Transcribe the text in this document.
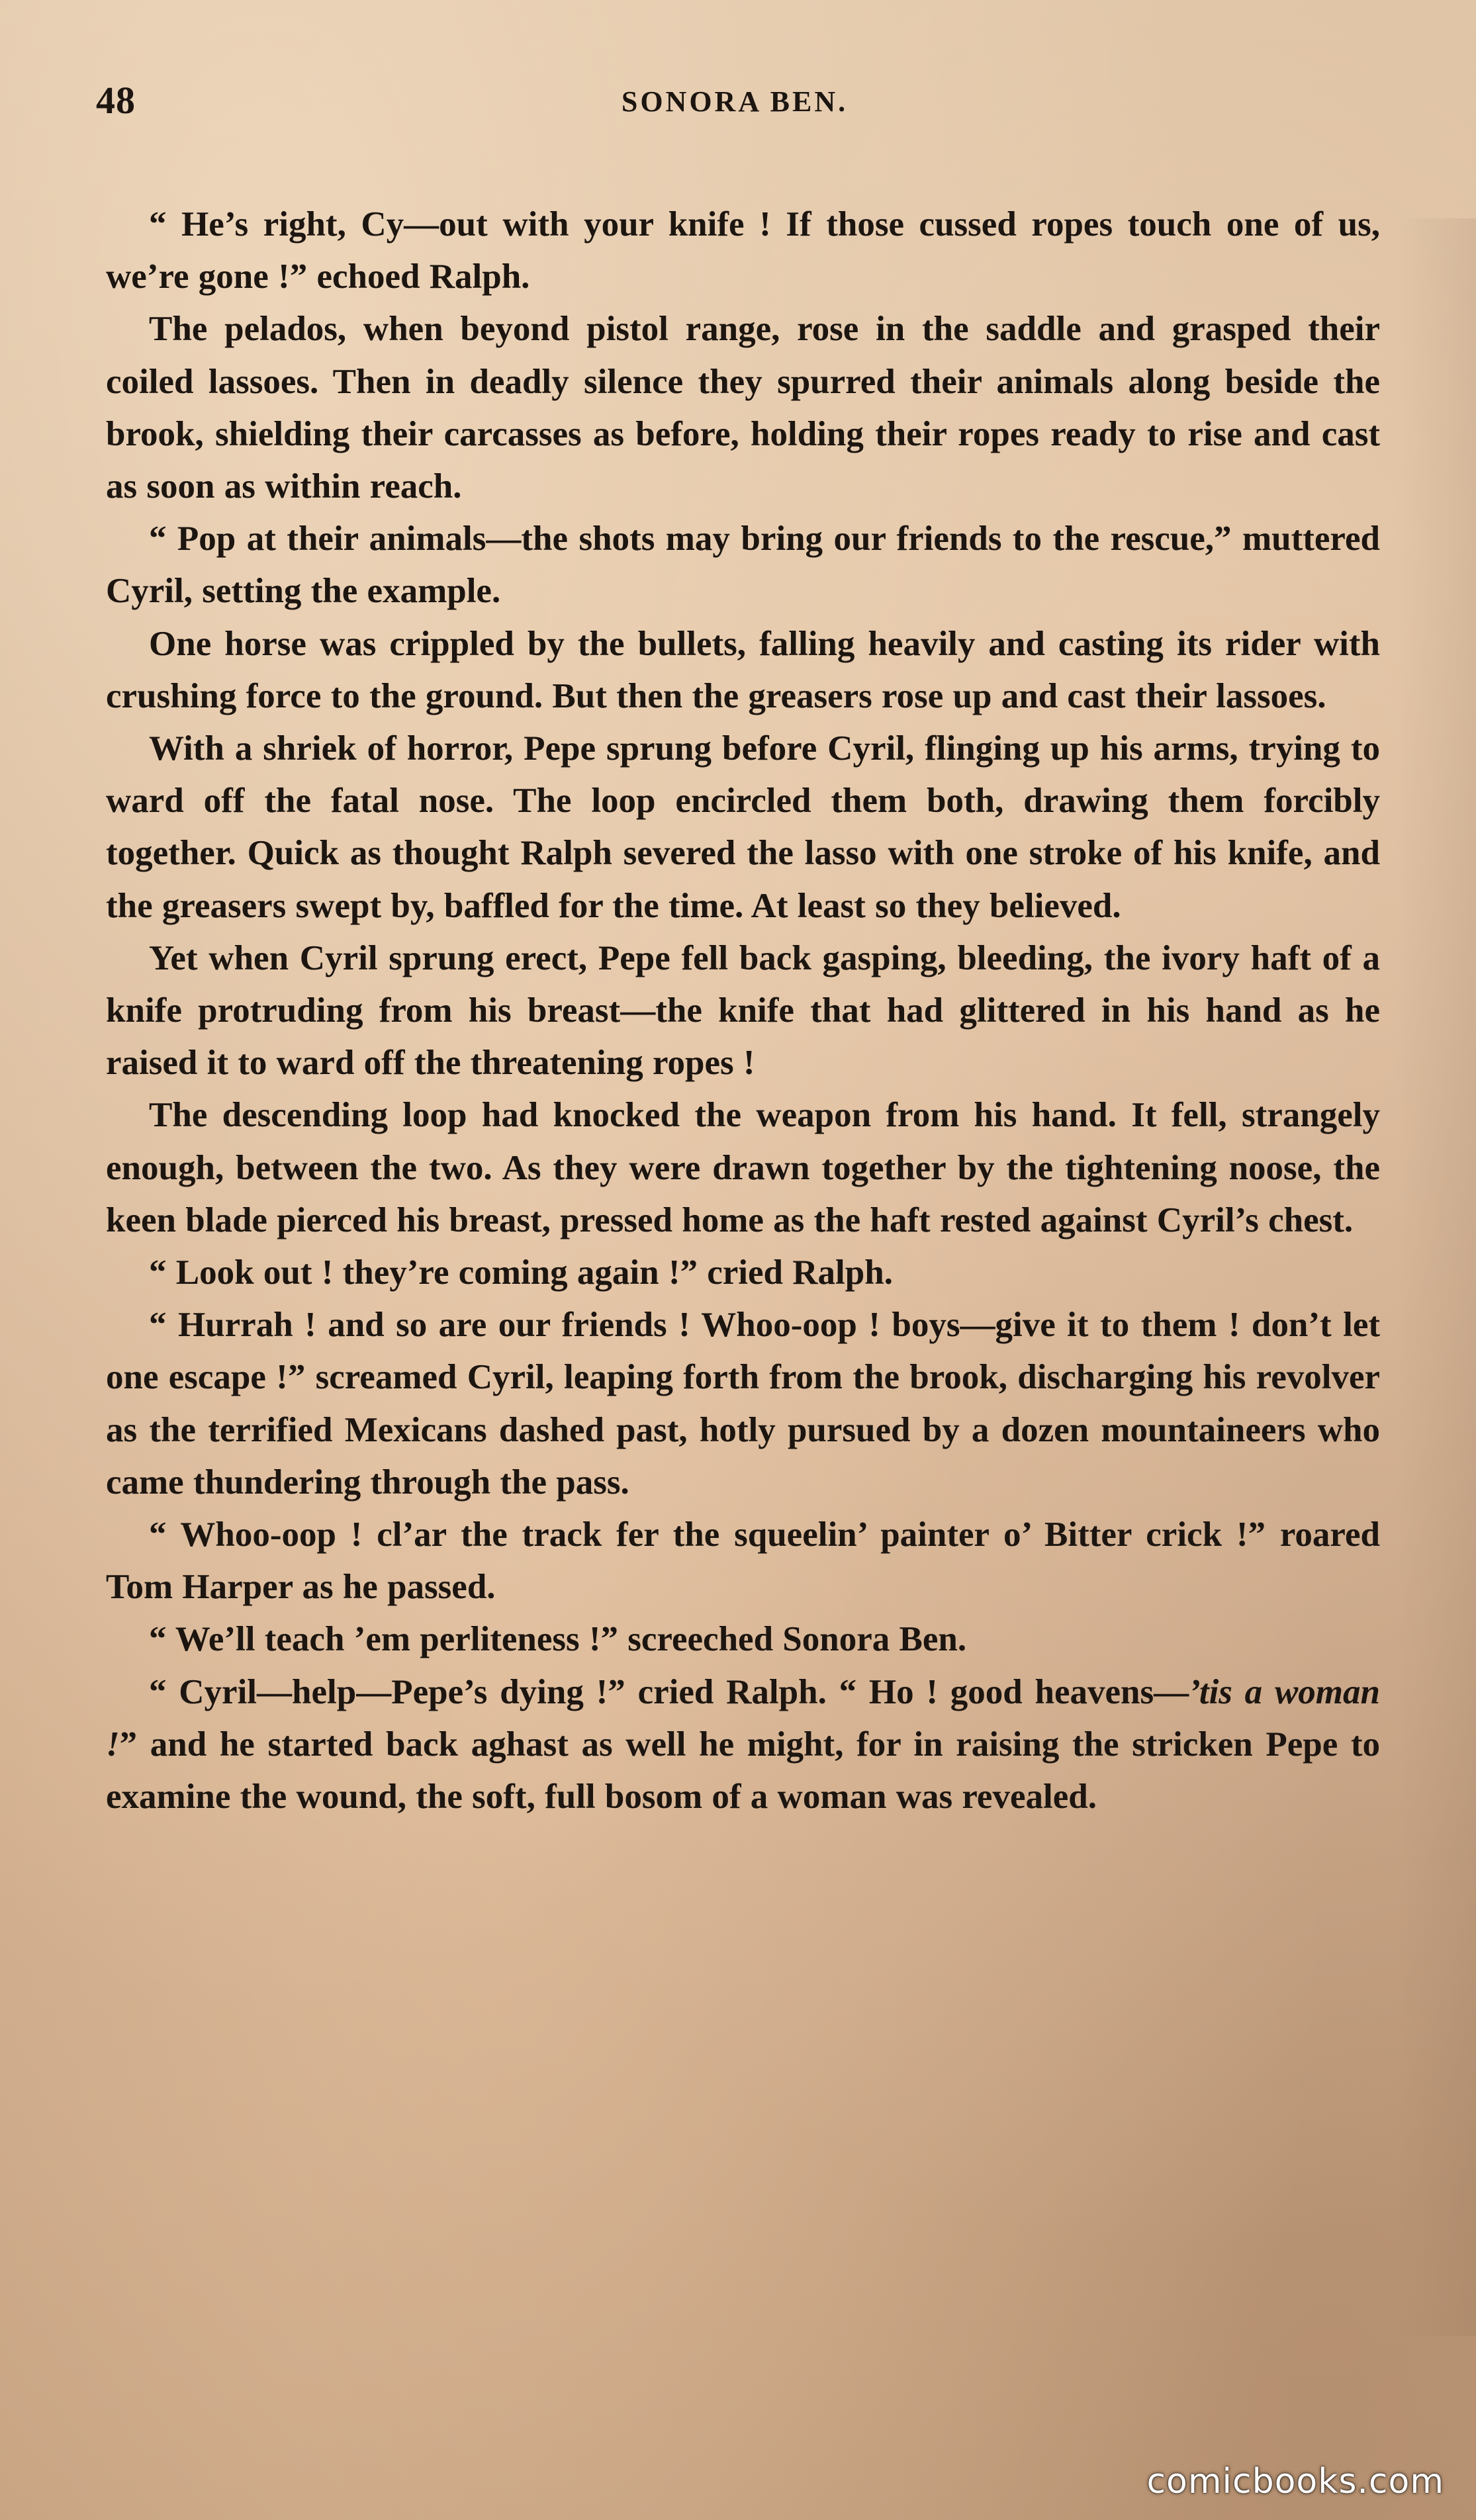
48	SONORA BEN.

“ He’s right, Cy—out with your knife ! If those cussed ropes touch one of us, we’re gone !” echoed Ralph.

The pelados, when beyond pistol range, rose in the saddle and grasped their coiled lassoes. Then in deadly silence they spurred their animals along beside the brook, shielding their carcasses as before, holding their ropes ready to rise and cast as soon as within reach.

“ Pop at their animals—the shots may bring our friends to the rescue,” muttered Cyril, setting the example.

One horse was crippled by the bullets, falling heavily and casting its rider with crushing force to the ground. But then the greasers rose up and cast their lassoes.

With a shriek of horror, Pepe sprung before Cyril, flinging up his arms, trying to ward off the fatal nose. The loop encircled them both, drawing them forcibly together. Quick as thought Ralph severed the lasso with one stroke of his knife, and the greasers swept by, baffled for the time. At least so they believed.

Yet when Cyril sprung erect, Pepe fell back gasping, bleeding, the ivory haft of a knife protruding from his breast—the knife that had glittered in his hand as he raised it to ward off the threatening ropes !

The descending loop had knocked the weapon from his hand. It fell, strangely enough, between the two. As they were drawn together by the tightening noose, the keen blade pierced his breast, pressed home as the haft rested against Cyril’s chest.

“ Look out ! they’re coming again !” cried Ralph.

“ Hurrah ! and so are our friends ! Whoo-oop ! boys—give it to them ! don’t let one escape !” screamed Cyril, leaping forth from the brook, discharging his revolver as the terrified Mexicans dashed past, hotly pursued by a dozen mountaineers who came thundering through the pass.

“ Whoo-oop ! cl’ar the track fer the squeelin’ painter o’ Bitter crick !” roared Tom Harper as he passed.

“ We’ll teach ’em perliteness !” screeched Sonora Ben.

“ Cyril—help—Pepe’s dying !” cried Ralph. “ Ho ! good heavens—’tis a woman !” and he started back aghast as well he might, for in raising the stricken Pepe to examine the wound, the soft, full bosom of a woman was revealed.

comicbooks.com
